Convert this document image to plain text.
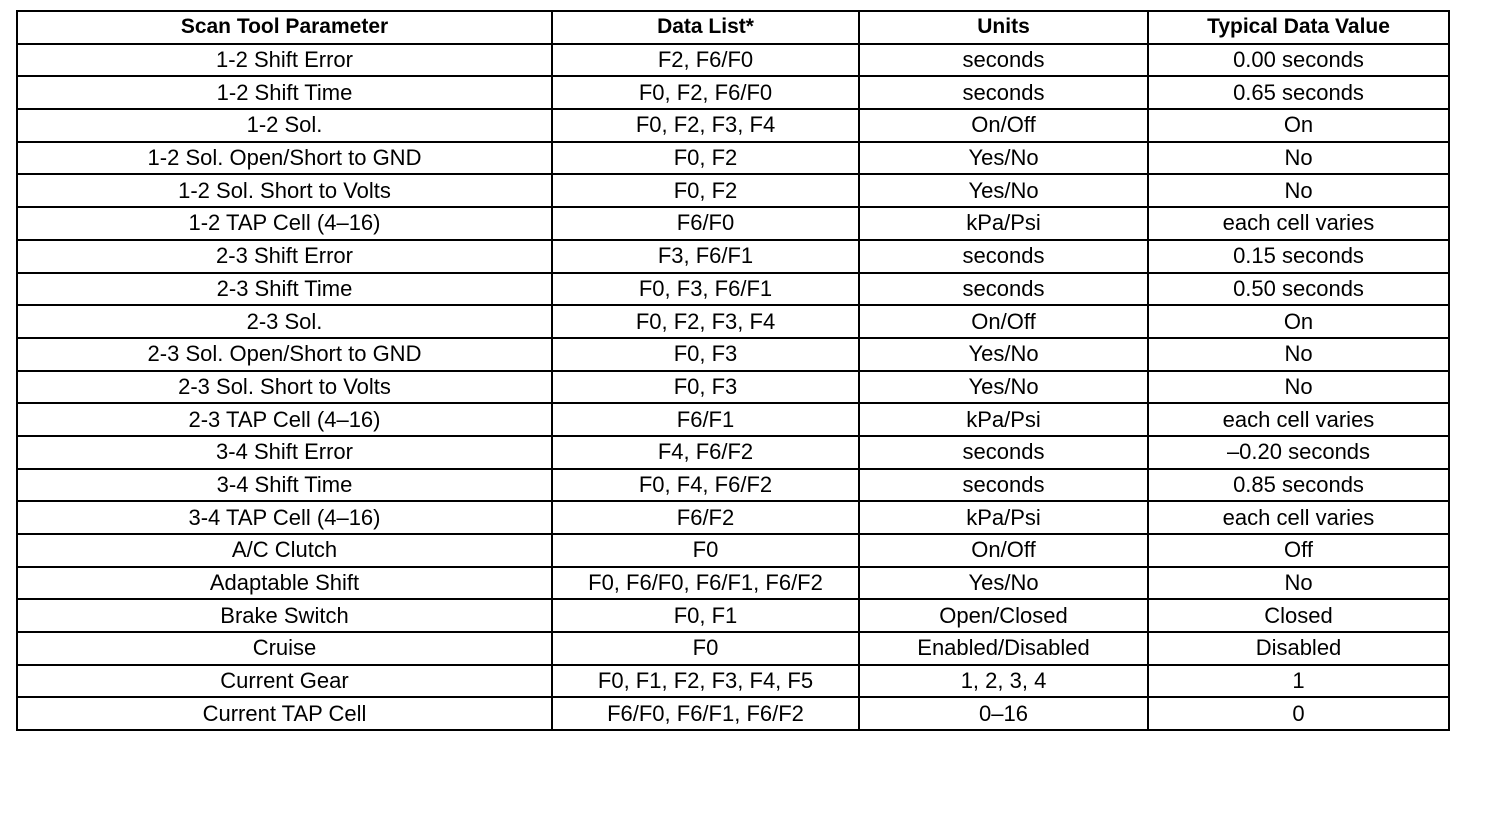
Scan Tool Parameter	Data List*	Units	Typical Data Value
1-2 Shift Error	F2, F6/F0	seconds	0.00 seconds
1-2 Shift Time	F0, F2, F6/F0	seconds	0.65 seconds
1-2 Sol.	F0, F2, F3, F4	On/Off	On
1-2 Sol. Open/Short to GND	F0, F2	Yes/No	No
1-2 Sol. Short to Volts	F0, F2	Yes/No	No
1-2 TAP Cell (4–16)	F6/F0	kPa/Psi	each cell varies
2-3 Shift Error	F3, F6/F1	seconds	0.15 seconds
2-3 Shift Time	F0, F3, F6/F1	seconds	0.50 seconds
2-3 Sol.	F0, F2, F3, F4	On/Off	On
2-3 Sol. Open/Short to GND	F0, F3	Yes/No	No
2-3 Sol. Short to Volts	F0, F3	Yes/No	No
2-3 TAP Cell (4–16)	F6/F1	kPa/Psi	each cell varies
3-4 Shift Error	F4, F6/F2	seconds	–0.20 seconds
3-4 Shift Time	F0, F4, F6/F2	seconds	0.85 seconds
3-4 TAP Cell (4–16)	F6/F2	kPa/Psi	each cell varies
A/C Clutch	F0	On/Off	Off
Adaptable Shift	F0, F6/F0, F6/F1, F6/F2	Yes/No	No
Brake Switch	F0, F1	Open/Closed	Closed
Cruise	F0	Enabled/Disabled	Disabled
Current Gear	F0, F1, F2, F3, F4, F5	1, 2, 3, 4	1
Current TAP Cell	F6/F0, F6/F1, F6/F2	0–16	0
